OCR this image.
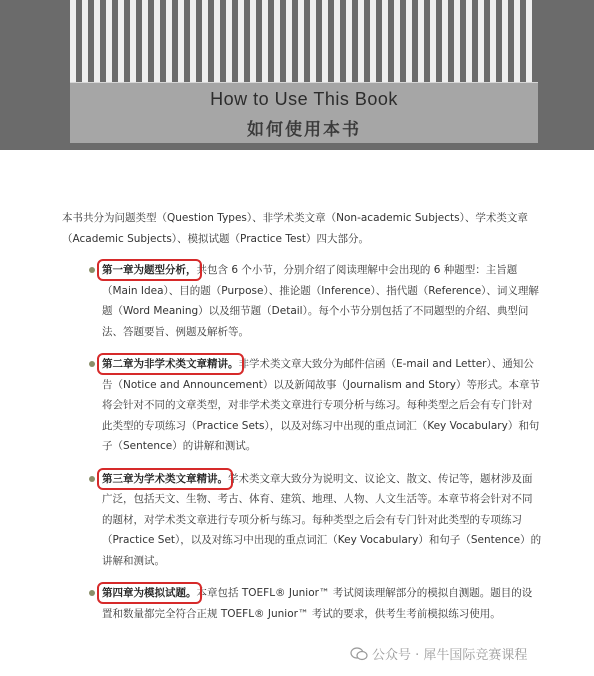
How to Use This Book
如何使用本书

本书共分为问题类型（Question Types）、非学术类文章（Non-academic Subjects）、学术类文章（Academic Subjects）、模拟试题（Practice Test）四大部分。

第一章为题型分析，共包含 6 个小节，分别介绍了阅读理解中会出现的 6 种题型：主旨题（Main Idea）、目的题（Purpose）、推论题（Inference）、指代题（Reference）、词义理解题（Word Meaning）以及细节题（Detail）。每个小节分别包括了不同题型的介绍、典型问法、答题要旨、例题及解析等。

第二章为非学术类文章精讲。非学术类文章大致分为邮件信函（E-mail and Letter）、通知公告（Notice and Announcement）以及新闻故事（Journalism and Story）等形式。本章节将会针对不同的文章类型，对非学术类文章进行专项分析与练习。每种类型之后会有专门针对此类型的专项练习（Practice Sets），以及对练习中出现的重点词汇（Key Vocabulary）和句子（Sentence）的讲解和测试。

第三章为学术类文章精讲。学术类文章大致分为说明文、议论文、散文、传记等，题材涉及面广泛，包括天文、生物、考古、体育、建筑、地理、人物、人文生活等。本章节将会针对不同的题材，对学术类文章进行专项分析与练习。每种类型之后会有专门针对此类型的专项练习（Practice Set），以及对练习中出现的重点词汇（Key Vocabulary）和句子（Sentence）的讲解和测试。

第四章为模拟试题。本章包括 TOEFL® Junior™ 考试阅读理解部分的模拟自测题。题目的设置和数量都完全符合正规 TOEFL® Junior™ 考试的要求，供考生考前模拟练习使用。

公众号 · 犀牛国际竞赛课程
